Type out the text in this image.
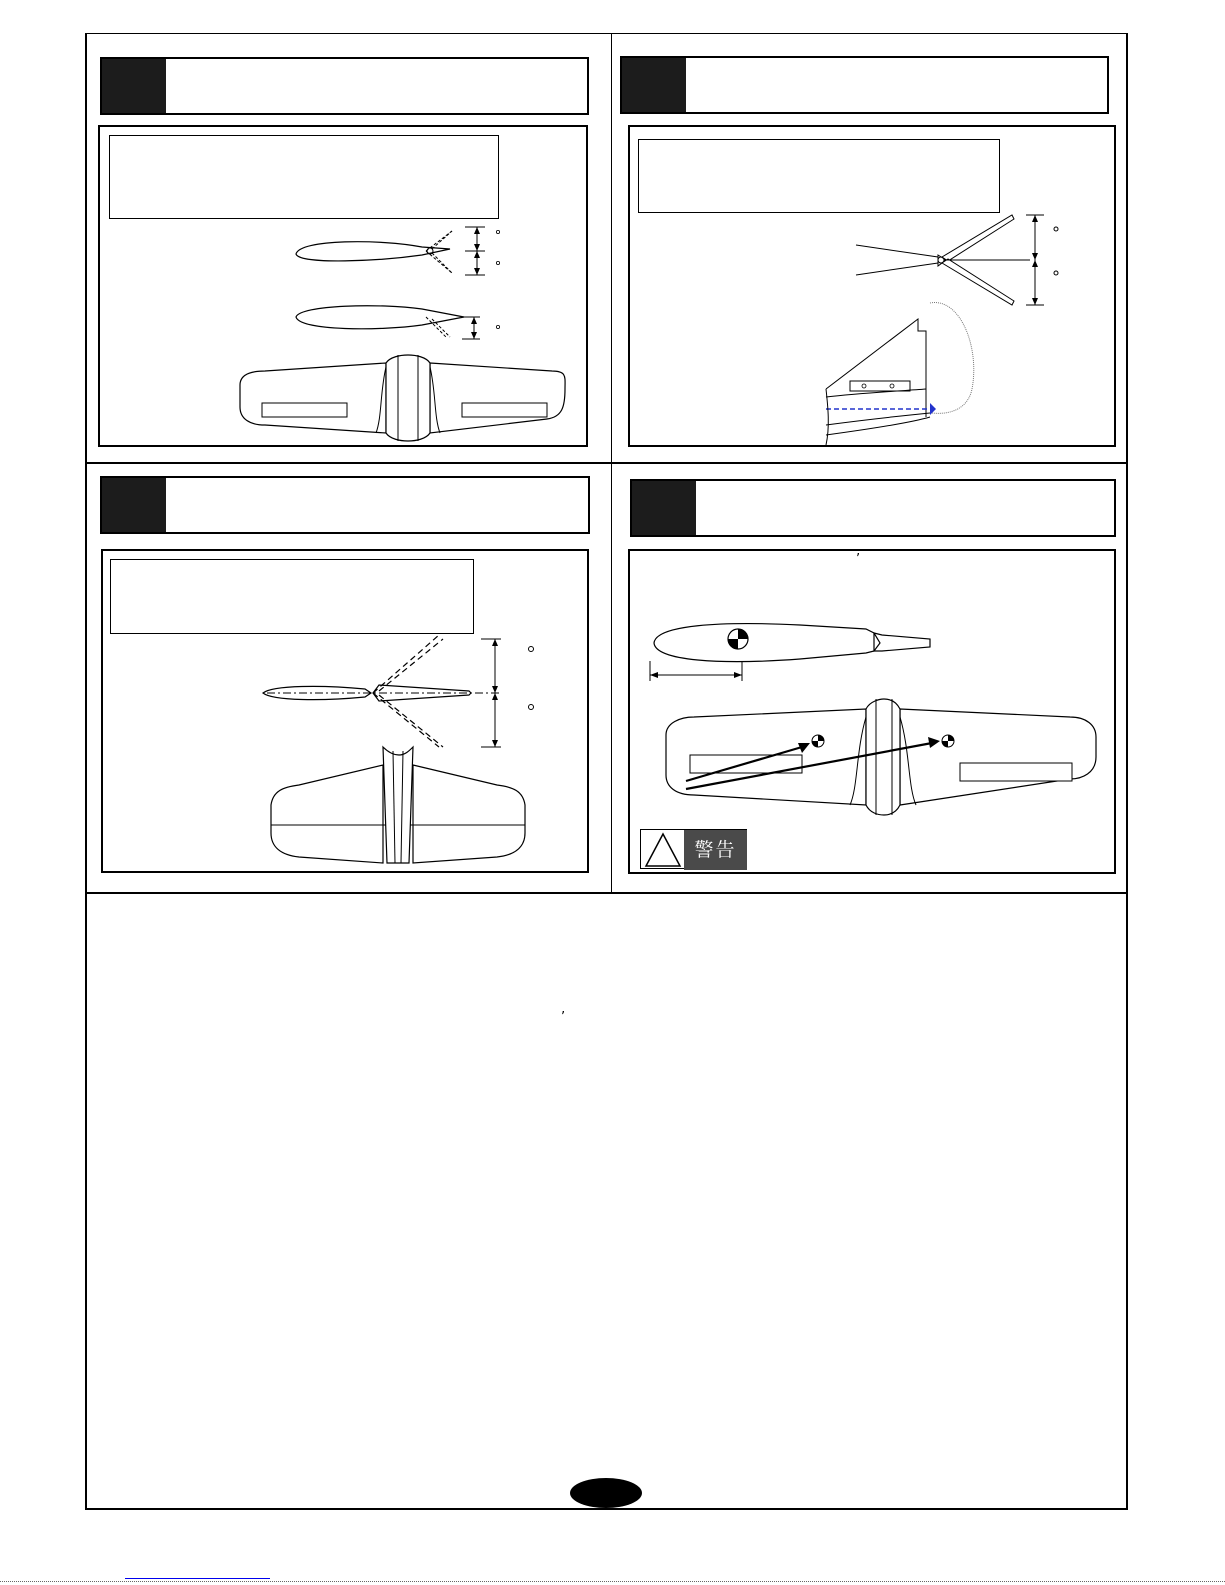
警告
’
’
